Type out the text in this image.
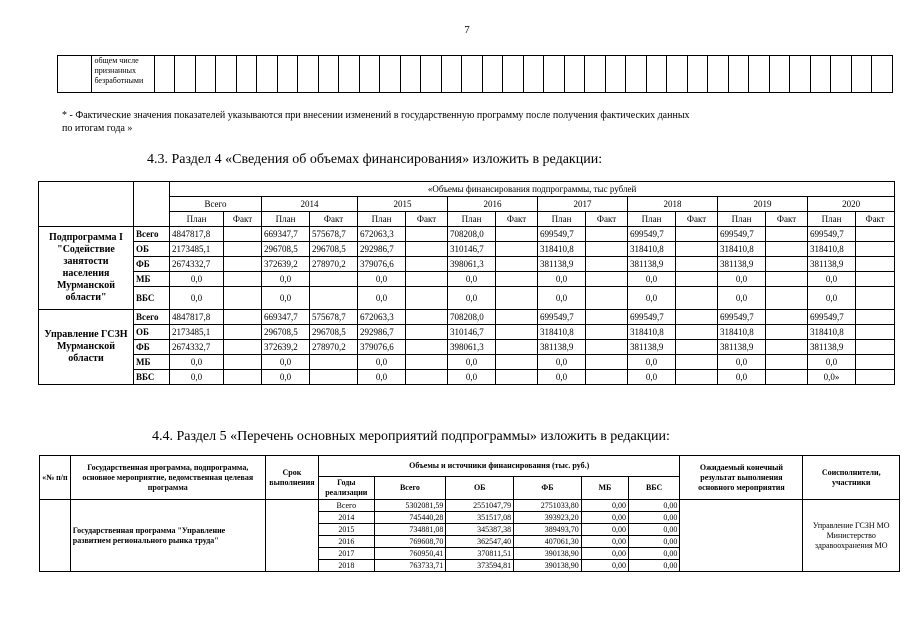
7

общем числе
признанных
безработными

* - Фактические значения показателей указываются при внесении изменений в государственную программу после получения фактических данных
по итогам года »
4.3. Раздел 4 «Сведения об объемах финансирования» изложить в редакции:
		«Объемы финансирования подпрограммы, тыс рублей															
		Всего		2014		2015		2016		2017		2018		2019		2020	
		План	Факт	План	Факт	План	Факт	План	Факт	План	Факт	План	Факт	План	Факт	План	Факт
Подпрограмма I "Содействие занятости населения Мурманской области"	Всего	4847817,8		669347,7	575678,7	672063,3		708208,0		699549,7		699549,7		699549,7		699549,7	
	ОБ	2173485,1		296708,5	296708,5	292986,7		310146,7		318410,8		318410,8		318410,8		318410,8	
	ФБ	2674332,7		372639,2	278970,2	379076,6		398061,3		381138,9		381138,9		381138,9		381138,9	
	МБ	0,0		0,0		0,0		0,0		0,0		0,0		0,0		0,0	
	ВБС	0,0		0,0		0,0		0,0		0,0		0,0		0,0		0,0	
Управление ГСЗН Мурманской области	Всего	4847817,8		669347,7	575678,7	672063,3		708208,0		699549,7		699549,7		699549,7		699549,7	
	ОБ	2173485,1		296708,5	296708,5	292986,7		310146,7		318410,8		318410,8		318410,8		318410,8	
	ФБ	2674332,7		372639,2	278970,2	379076,6		398061,3		381138,9		381138,9		381138,9		381138,9	
	МБ	0,0		0,0		0,0		0,0		0,0		0,0		0,0		0,0	
	ВБС	0,0		0,0		0,0		0,0		0,0		0,0		0,0		0,0»	
4.4. Раздел 5 «Перечень основных мероприятий подпрограммы» изложить в редакции:
«№ п/п	Государственная программа, подпрограмма, основное мероприятие, ведомственная целевая программа	Срок выполнения	Объемы и источники финансирования (тыс. руб.)						Ожидаемый конечный результат выполнения основного мероприятия	Соисполнители, участники
			Годы реализации	Всего	ОБ	ФБ	МБ	ВБС		
	Государственная программа "Управление развитием регионального рынка труда"		Всего	5302081,59	2551047,79	2751033,80	0,00	0,00		Управление ГСЗН МО Министерство здравоохранения МО
			2014	745440,28	351517,08	393923,20	0,00	0,00		
			2015	734881,08	345387,38	389493,70	0,00	0,00		
			2016	769608,70	362547,40	407061,30	0,00	0,00		
			2017	760950,41	370811,51	390138,90	0,00	0,00		
			2018	763733,71	373594,81	390138,90	0,00	0,00		
